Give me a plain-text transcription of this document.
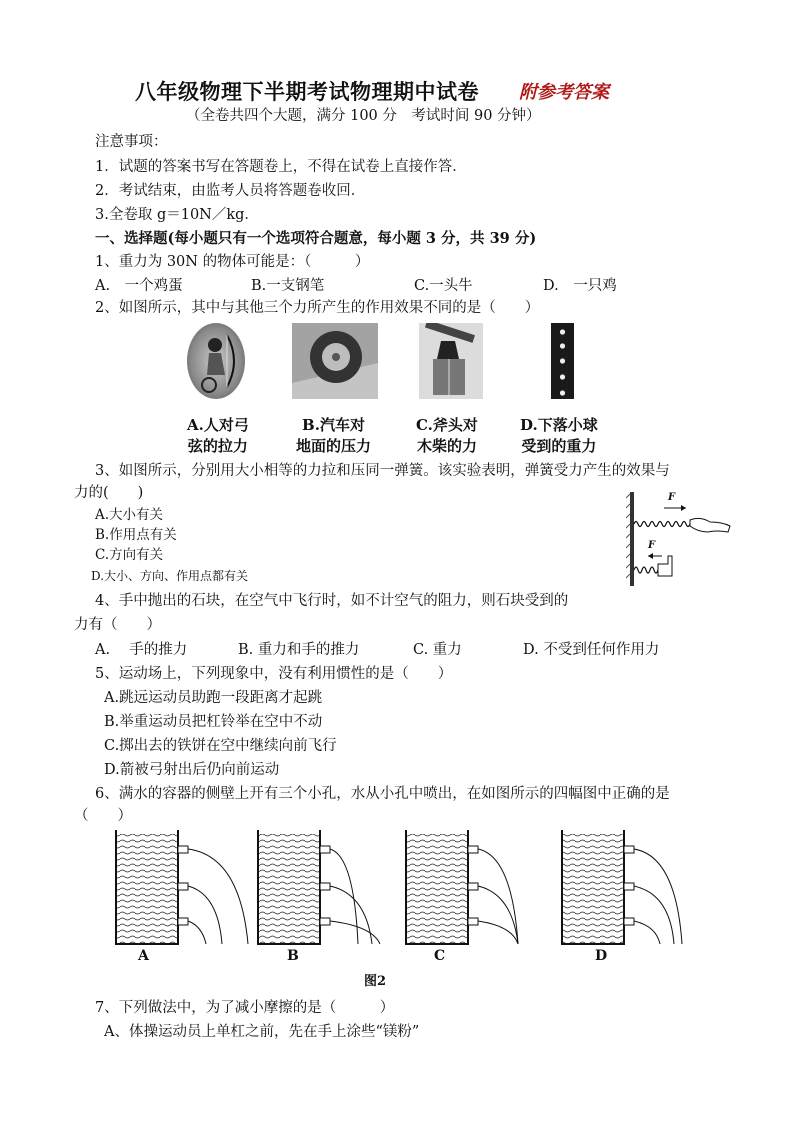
八年级物理下半期考试物理期中试卷 附参考答案
（全卷共四个大题，满分 100 分　考试时间 90 分钟）
注意事项：
1．试题的答案书写在答题卷上，不得在试卷上直接作答．
2．考试结束，由监考人员将答题卷收回．
3.全卷取 g＝10N／kg．
一、选择题(每小题只有一个选项符合题意，每小题 3 分，共 39 分)
1、重力为 30N 的物体可能是：（　　　）
A.　一个鸡蛋	B.一支钢笔	C.一头牛	D.　一只鸡
2、如图所示，其中与其他三个力所产生的作用效果不同的是（　　）
A.人对弓
弦的拉力
B.汽车对
地面的压力
C.斧头对
木柴的力
D.下落小球
受到的重力
3、如图所示，分别用大小相等的力拉和压同一弹簧。该实验表明，弹簧受力产生的效果与
力的(　　)
A.大小有关
B.作用点有关
C.方向有关
D.大小、方向、作用点都有关
F
F
4、手中抛出的石块，在空气中飞行时，如不计空气的阻力，则石块受到的
力有（　　）
A.　 手的推力	B. 重力和手的推力	C. 重力	D. 不受到任何作用力
5、运动场上，下列现象中，没有利用惯性的是（　　）
A.跳远运动员助跑一段距离才起跳
B.举重运动员把杠铃举在空中不动
C.掷出去的铁饼在空中继续向前飞行
D.箭被弓射出后仍向前运动
6、满水的容器的侧壁上开有三个小孔，水从小孔中喷出，在如图所示的四幅图中正确的是
（　　）
A	B	C	D
图2
7、下列做法中，为了减小摩擦的是（　　　）
A、体操运动员上单杠之前，先在手上涂些“镁粉”
